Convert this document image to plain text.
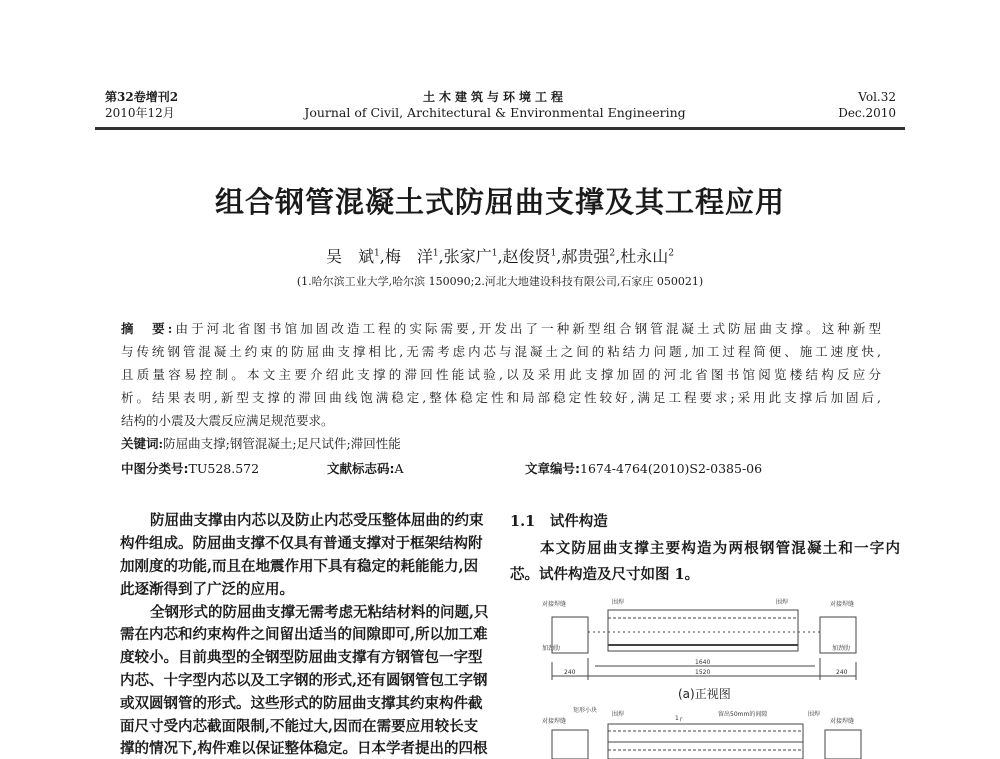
第32卷增刊2
2010年12月
土木建筑与环境工程
Journal of Civil, Architectural & Environmental Engineering
Vol.32
Dec.2010
组合钢管混凝土式防屈曲支撑及其工程应用
吴　斌$^1$,梅　洋$^1$,张家广$^1$,赵俊贤$^1$,郝贵强$^2$,杜永山$^2$
(1.哈尔滨工业大学,哈尔滨 150090;2.河北大地建设科技有限公司,石家庄 050021)
摘　要:由于河北省图书馆加固改造工程的实际需要,开发出了一种新型组合钢管混凝土式防屈曲支撑。这种新型
与传统钢管混凝土约束的防屈曲支撑相比,无需考虑内芯与混凝土之间的粘结力问题,加工过程简便、施工速度快,
且质量容易控制。本文主要介绍此支撑的滞回性能试验,以及采用此支撑加固的河北省图书馆阅览楼结构反应分
析。结果表明,新型支撑的滞回曲线饱满稳定,整体稳定性和局部稳定性较好,满足工程要求;采用此支撑后加固后,
结构的小震及大震反应满足规范要求。
关键词:防屈曲支撑;钢管混凝土;足尺试件;滞回性能
中图分类号:TU528.572	文献标志码:A	文章编号:1674-4764(2010)S2-0385-06
防屈曲支撑由内芯以及防止内芯受压整体屈曲的约束
构件组成。防屈曲支撑不仅具有普通支撑对于框架结构附
加刚度的功能,而且在地震作用下具有稳定的耗能能力,因
此逐渐得到了广泛的应用。
全钢形式的防屈曲支撑无需考虑无粘结材料的问题,只
需在内芯和约束构件之间留出适当的间隙即可,所以加工难
度较小。目前典型的全钢型防屈曲支撑有方钢管包一字型
内芯、十字型内芯以及工字钢的形式,还有圆钢管包工字钢
或双圆钢管的形式。这些形式的防屈曲支撑其约束构件截
面尺寸受内芯截面限制,不能过大,因而在需要应用较长支
撑的情况下,构件难以保证整体稳定。日本学者提出的四根
1.1　试件构造
本文防屈曲支撑主要构造为两根钢管混凝土和一字内
芯。试件构造及尺寸如图 1。
对接焊缝	围焊	围焊	对接焊缝
加劲肋	加劲肋
1640
1520
240	240
矩形小块
围焊
1┌
留出50mm的间隙	围焊
对接焊缝	对接焊缝
(a)正视图
